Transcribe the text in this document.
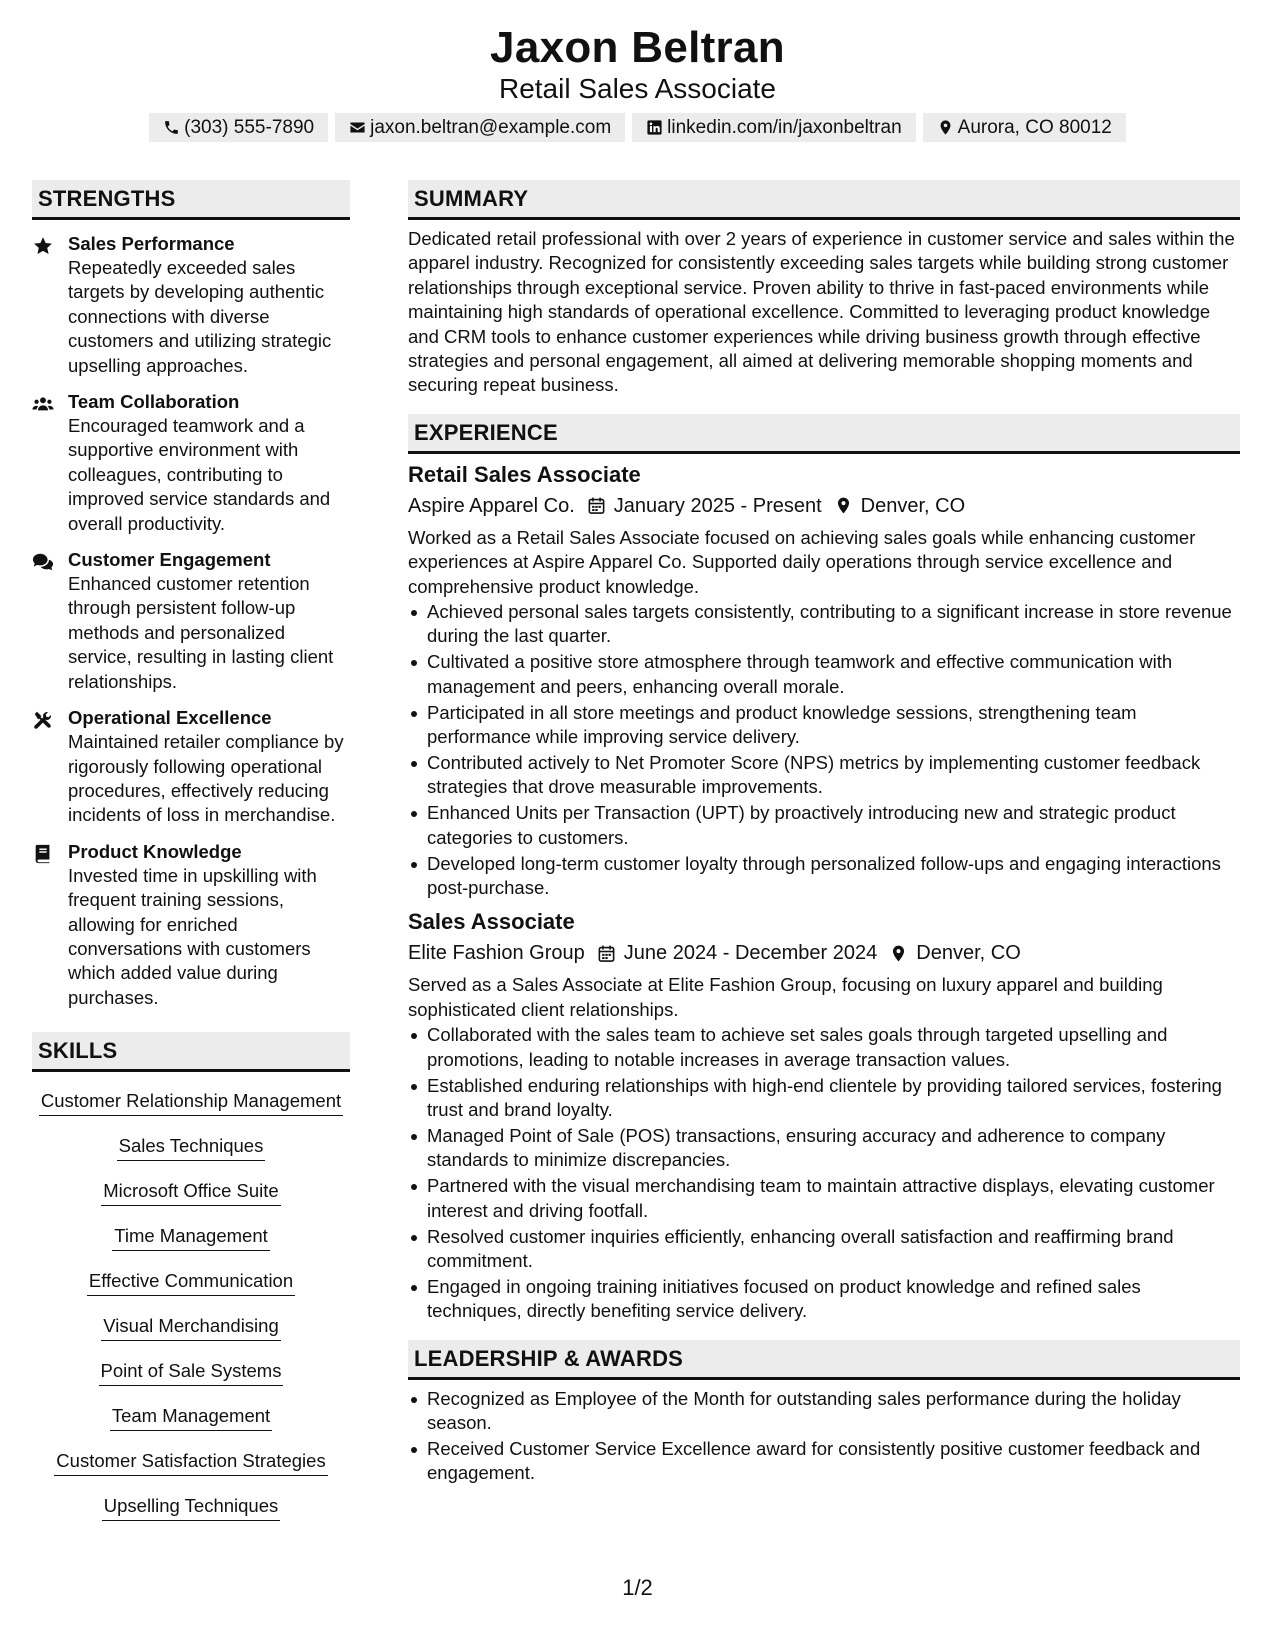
Jaxon Beltran
Retail Sales Associate
(303) 555-7890	jaxon.beltran@example.com	linkedin.com/in/jaxonbeltran	Aurora, CO 80012
STRENGTHS
Sales Performance
Repeatedly exceeded sales targets by developing authentic connections with diverse customers and utilizing strategic upselling approaches.
Team Collaboration
Encouraged teamwork and a supportive environment with colleagues, contributing to improved service standards and overall productivity.
Customer Engagement
Enhanced customer retention through persistent follow-up methods and personalized service, resulting in lasting client relationships.
Operational Excellence
Maintained retailer compliance by rigorously following operational procedures, effectively reducing incidents of loss in merchandise.
Product Knowledge
Invested time in upskilling with frequent training sessions, allowing for enriched conversations with customers which added value during purchases.
SKILLS
Customer Relationship Management
Sales Techniques
Microsoft Office Suite
Time Management
Effective Communication
Visual Merchandising
Point of Sale Systems
Team Management
Customer Satisfaction Strategies
Upselling Techniques
SUMMARY
Dedicated retail professional with over 2 years of experience in customer service and sales within the apparel industry. Recognized for consistently exceeding sales targets while building strong customer relationships through exceptional service. Proven ability to thrive in fast-paced environments while maintaining high standards of operational excellence. Committed to leveraging product knowledge and CRM tools to enhance customer experiences while driving business growth through effective strategies and personal engagement, all aimed at delivering memorable shopping moments and securing repeat business.
EXPERIENCE
Retail Sales Associate
Aspire Apparel Co. January 2025 - Present Denver, CO
Worked as a Retail Sales Associate focused on achieving sales goals while enhancing customer experiences at Aspire Apparel Co. Supported daily operations through service excellence and comprehensive product knowledge.
Achieved personal sales targets consistently, contributing to a significant increase in store revenue during the last quarter.
Cultivated a positive store atmosphere through teamwork and effective communication with management and peers, enhancing overall morale.
Participated in all store meetings and product knowledge sessions, strengthening team performance while improving service delivery.
Contributed actively to Net Promoter Score (NPS) metrics by implementing customer feedback strategies that drove measurable improvements.
Enhanced Units per Transaction (UPT) by proactively introducing new and strategic product categories to customers.
Developed long-term customer loyalty through personalized follow-ups and engaging interactions post-purchase.
Sales Associate
Elite Fashion Group June 2024 - December 2024 Denver, CO
Served as a Sales Associate at Elite Fashion Group, focusing on luxury apparel and building sophisticated client relationships.
Collaborated with the sales team to achieve set sales goals through targeted upselling and promotions, leading to notable increases in average transaction values.
Established enduring relationships with high-end clientele by providing tailored services, fostering trust and brand loyalty.
Managed Point of Sale (POS) transactions, ensuring accuracy and adherence to company standards to minimize discrepancies.
Partnered with the visual merchandising team to maintain attractive displays, elevating customer interest and driving footfall.
Resolved customer inquiries efficiently, enhancing overall satisfaction and reaffirming brand commitment.
Engaged in ongoing training initiatives focused on product knowledge and refined sales techniques, directly benefiting service delivery.
LEADERSHIP & AWARDS
Recognized as Employee of the Month for outstanding sales performance during the holiday season.
Received Customer Service Excellence award for consistently positive customer feedback and engagement.
1/2
